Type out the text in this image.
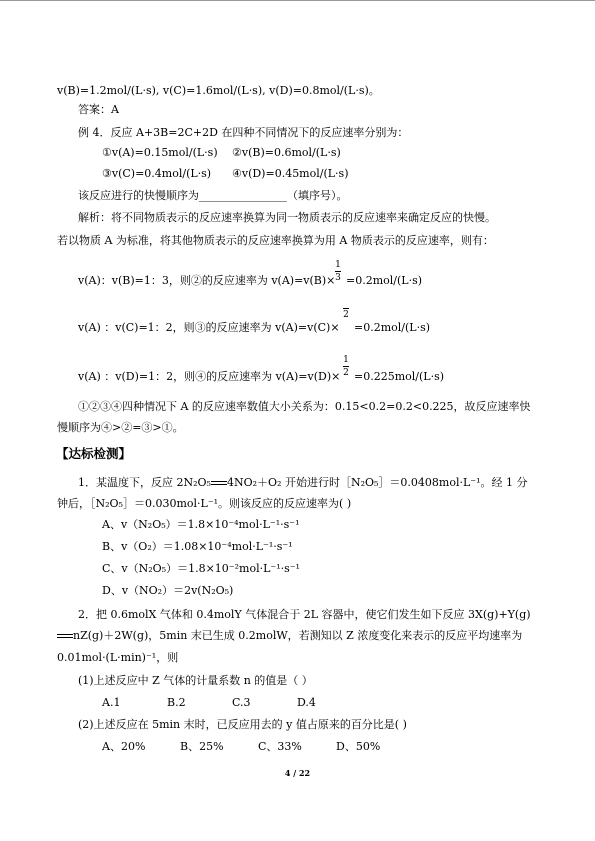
v(B)=1.2mol/(L·s), v(C)=1.6mol/(L·s), v(D)=0.8mol/(L·s)。
答案：A
例 4．反应 A+3B=2C+2D 在四种不同情况下的反应速率分别为：
①v(A)=0.15mol/(L·s) ②v(B)=0.6mol/(L·s)
③v(C)=0.4mol/(L·s) ④v(D)=0.45mol/(L·s)
该反应进行的快慢顺序为________________（填序号）。
解析：将不同物质表示的反应速率换算为同一物质表示的反应速率来确定反应的快慢。
若以物质 A 为标准，将其他物质表示的反应速率换算为用 A 物质表示的反应速率，则有：
v(A)：v(B)=1：3，则②的反应速率为 v(A)=v(B)×
1
3 =0.2mol/(L·s)
v(A) ：v(C)=1：2，则③的反应速率为 v(A)=v(C)×
2
=0.2mol/(L·s)
v(A) ：v(D)=1：2，则④的反应速率为 v(A)=v(D)×
1
2 =0.225mol/(L·s)
①②③④四种情况下 A 的反应速率数值大小关系为：0.15<0.2=0.2<0.225，故反应速率快
慢顺序为④>②=③>①。
【达标检测】
1．某温度下，反应 2N₂O₅ 4NO₂＋O₂ 开始进行时［N₂O₅］＝0.0408mol·L⁻¹。经 1 分
钟后，［N₂O₅］＝0.030mol·L⁻¹。则该反应的反应速率为( )
A、v（N₂O₅）＝1.8×10⁻⁴mol·L⁻¹·s⁻¹
B、v（O₂）＝1.08×10⁻⁴mol·L⁻¹·s⁻¹
C、v（N₂O₅）＝1.8×10⁻²mol·L⁻¹·s⁻¹
D、v（NO₂）＝2v(N₂O₅)
2．把 0.6molX 气体和 0.4molY 气体混合于 2L 容器中，使它们发生如下反应 3X(g)+Y(g)
nZ(g)＋2W(g)，5min 末已生成 0.2molW，若测知以 Z 浓度变化来表示的反应平均速率为
0.01mol·(L·min)⁻¹，则
(1)上述反应中 Z 气体的计量系数 n 的值是（ ）
A.1	B.2	C.3	D.4
(2)上述反应在 5min 末时，已反应用去的 y 值占原来的百分比是( )
A、20%	B、25%	C、33%	D、50%
4 / 22
